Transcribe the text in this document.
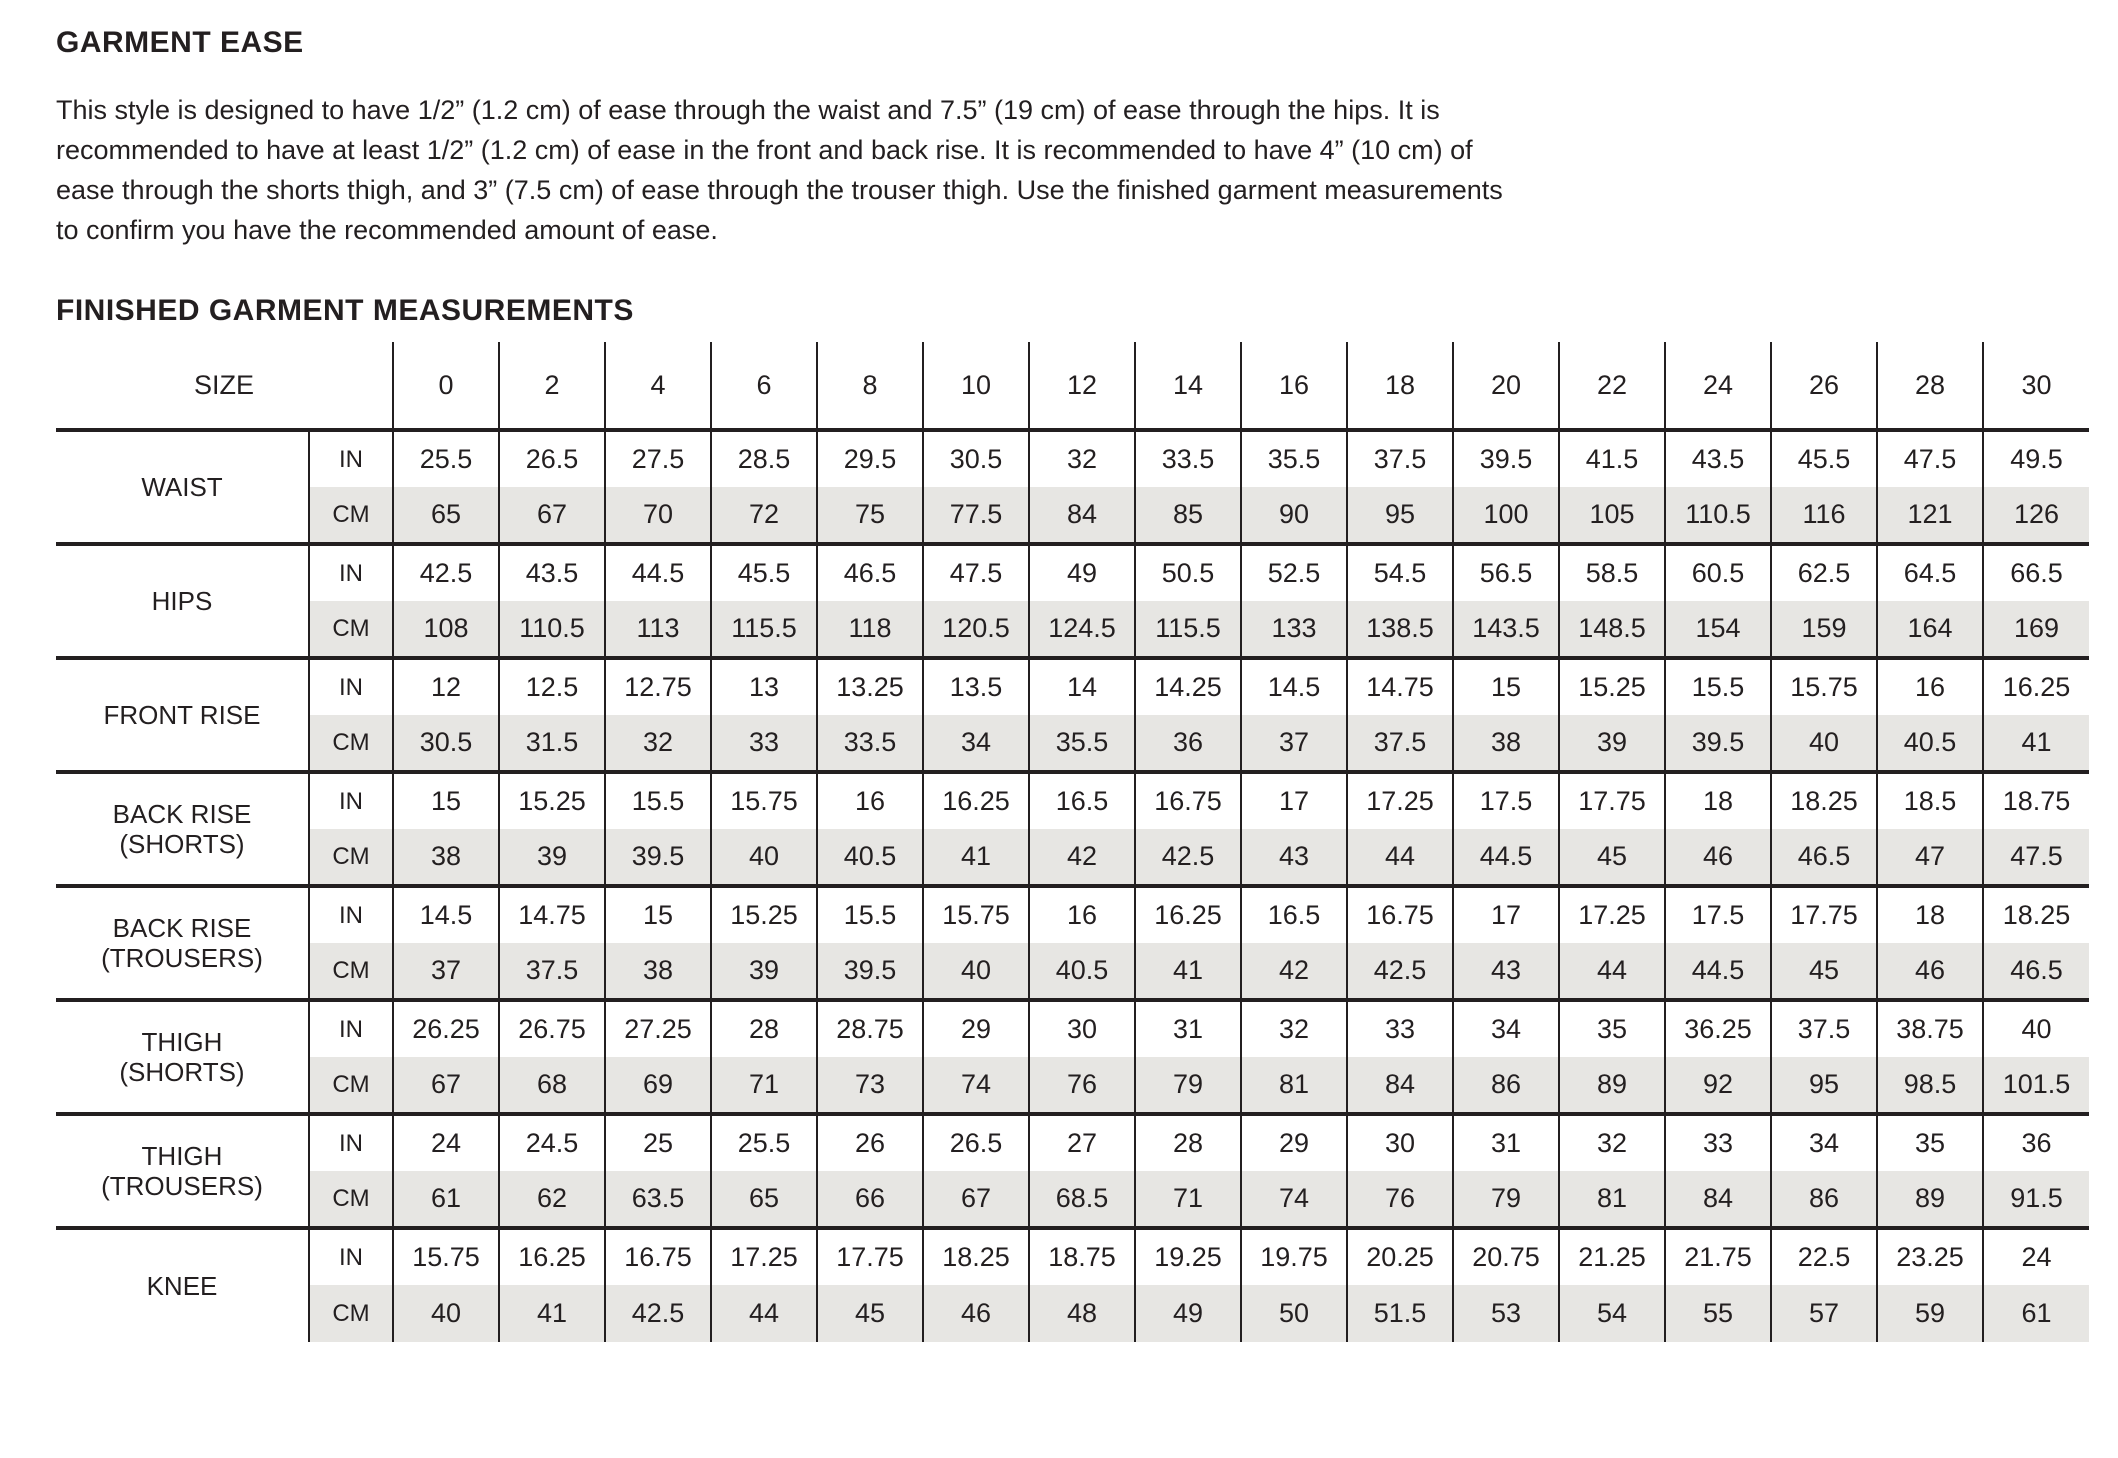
GARMENT EASE

This style is designed to have 1/2” (1.2 cm) of ease through the waist and 7.5” (19 cm) of ease through the hips. It is recommended to have at least 1/2” (1.2 cm) of ease in the front and back rise. It is recommended to have 4” (10 cm) of ease through the shorts thigh, and 3” (7.5 cm) of ease through the trouser thigh. Use the finished garment measurements to confirm you have the recommended amount of ease.

FINISHED GARMENT MEASUREMENTS
SIZE		0	2	4	6	8	10	12	14	16	18	20	22	24	26	28	30

WAIST	IN	25.5	26.5	27.5	28.5	29.5	30.5	32	33.5	35.5	37.5	39.5	41.5	43.5	45.5	47.5	49.5
	CM	65	67	70	72	75	77.5	84	85	90	95	100	105	110.5	116	121	126

HIPS	IN	42.5	43.5	44.5	45.5	46.5	47.5	49	50.5	52.5	54.5	56.5	58.5	60.5	62.5	64.5	66.5
	CM	108	110.5	113	115.5	118	120.5	124.5	115.5	133	138.5	143.5	148.5	154	159	164	169

FRONT RISE	IN	12	12.5	12.75	13	13.25	13.5	14	14.25	14.5	14.75	15	15.25	15.5	15.75	16	16.25
	CM	30.5	31.5	32	33	33.5	34	35.5	36	37	37.5	38	39	39.5	40	40.5	41

BACK RISE
(SHORTS)	IN	15	15.25	15.5	15.75	16	16.25	16.5	16.75	17	17.25	17.5	17.75	18	18.25	18.5	18.75
	CM	38	39	39.5	40	40.5	41	42	42.5	43	44	44.5	45	46	46.5	47	47.5

BACK RISE
(TROUSERS)	IN	14.5	14.75	15	15.25	15.5	15.75	16	16.25	16.5	16.75	17	17.25	17.5	17.75	18	18.25
	CM	37	37.5	38	39	39.5	40	40.5	41	42	42.5	43	44	44.5	45	46	46.5

THIGH
(SHORTS)	IN	26.25	26.75	27.25	28	28.75	29	30	31	32	33	34	35	36.25	37.5	38.75	40
	CM	67	68	69	71	73	74	76	79	81	84	86	89	92	95	98.5	101.5

THIGH
(TROUSERS)	IN	24	24.5	25	25.5	26	26.5	27	28	29	30	31	32	33	34	35	36
	CM	61	62	63.5	65	66	67	68.5	71	74	76	79	81	84	86	89	91.5

KNEE	IN	15.75	16.25	16.75	17.25	17.75	18.25	18.75	19.25	19.75	20.25	20.75	21.25	21.75	22.5	23.25	24
	CM	40	41	42.5	44	45	46	48	49	50	51.5	53	54	55	57	59	61
